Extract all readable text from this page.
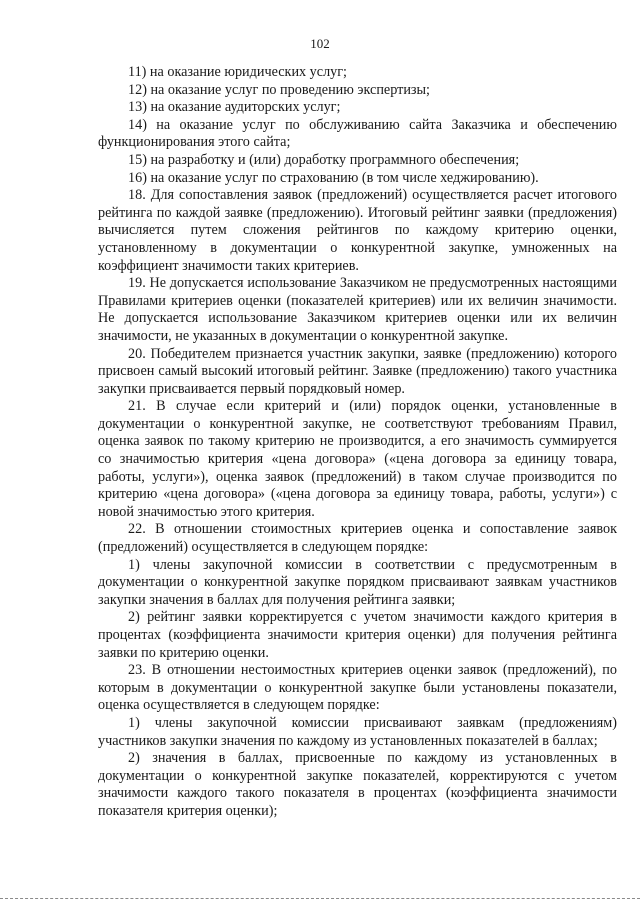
102

11) на оказание юридических услуг;

12) на оказание услуг по проведению экспертизы;

13) на оказание аудиторских услуг;

14) на оказание услуг по обслуживанию сайта Заказчика и обеспечению функционирования этого сайта;

15) на разработку и (или) доработку программного обеспечения;

16) на оказание услуг по страхованию (в том числе хеджированию).

18. Для сопоставления заявок (предложений) осуществляется расчет итогового рейтинга по каждой заявке (предложению). Итоговый рейтинг заявки (предложения) вычисляется путем сложения рейтингов по каждому критерию оценки, установленному в документации о конкурентной закупке, умноженных на коэффициент значимости таких критериев.

19. Не допускается использование Заказчиком не предусмотренных настоящими Правилами критериев оценки (показателей критериев) или их величин значимости. Не допускается использование Заказчиком критериев оценки или их величин значимости, не указанных в документации о конкурентной закупке.

20. Победителем признается участник закупки, заявке (предложению) которого присвоен самый высокий итоговый рейтинг. Заявке (предложению) такого участника закупки присваивается первый порядковый номер.

21. В случае если критерий и (или) порядок оценки, установленные в документации о конкурентной закупке, не соответствуют требованиям Правил, оценка заявок по такому критерию не производится, а его значимость суммируется со значимостью критерия «цена договора» («цена договора за единицу товара, работы, услуги»), оценка заявок (предложений) в таком случае производится по критерию «цена договора» («цена договора за единицу товара, работы, услуги») с новой значимостью этого критерия.

22. В отношении стоимостных критериев оценка и сопоставление заявок (предложений) осуществляется в следующем порядке:

1) члены закупочной комиссии в соответствии с предусмотренным в документации о конкурентной закупке порядком присваивают заявкам участников закупки значения в баллах для получения рейтинга заявки;

2) рейтинг заявки корректируется с учетом значимости каждого критерия в процентах (коэффициента значимости критерия оценки) для получения рейтинга заявки по критерию оценки.

23. В отношении нестоимостных критериев оценки заявок (предложений), по которым в документации о конкурентной закупке были установлены показатели, оценка осуществляется в следующем порядке:

1) члены закупочной комиссии присваивают заявкам (предложениям) участников закупки значения по каждому из установленных показателей в баллах;

2) значения в баллах, присвоенные по каждому из установленных в документации о конкурентной закупке показателей, корректируются с учетом значимости каждого такого показателя в процентах (коэффициента значимости показателя критерия оценки);
